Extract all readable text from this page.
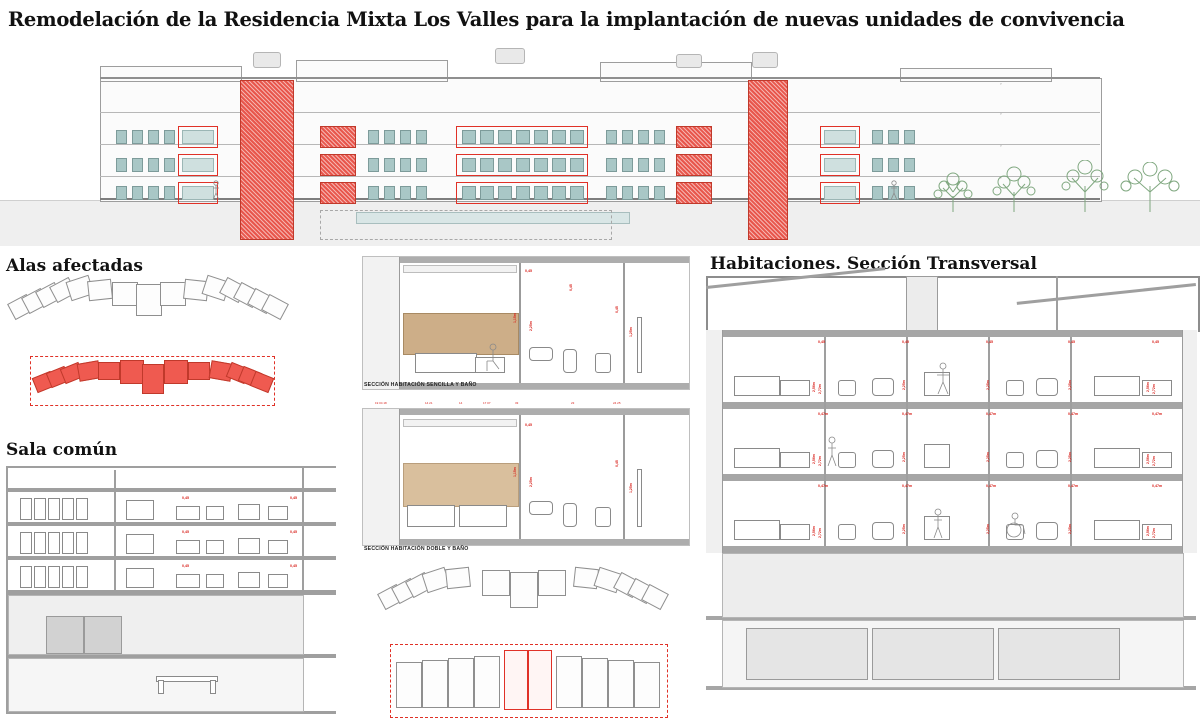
Remodelación de la Residencia Mixta Los Valles para la implantación de nuevas unidades de convivencia
˅
˅
˅
˅
Alas afectadas
Sala común
0,45
0,45
0,45
0,45
0,45
0,45
0,45
1,15m
2,25m
0,45
1,25m
0,45
SECCIÓN HABITACIÓN SENCILLA Y BAÑO
0,45
1,15m
2,25m
0,45
1,25m
19 04 18	14 21	14	17 07	33	23	24 25
SECCIÓN HABITACIÓN DOBLE Y BAÑO
Habitaciones. Sección Transversal
2,72m
2,56m	2,25m	2,25m	2,25m	2,72m
2,56m
2,72m
2,56m	2,25m	2,25m	2,25m	2,72m
2,56m
2,72m
2,56m	2,25m	2,25m	2,25m	2,72m
2,56m
0,45	0,45	0,45	0,45	0,45
0,47m	0,47m	0,47m	0,47m	0,47m
0,47m	0,47m	0,47m	0,47m	0,47m
